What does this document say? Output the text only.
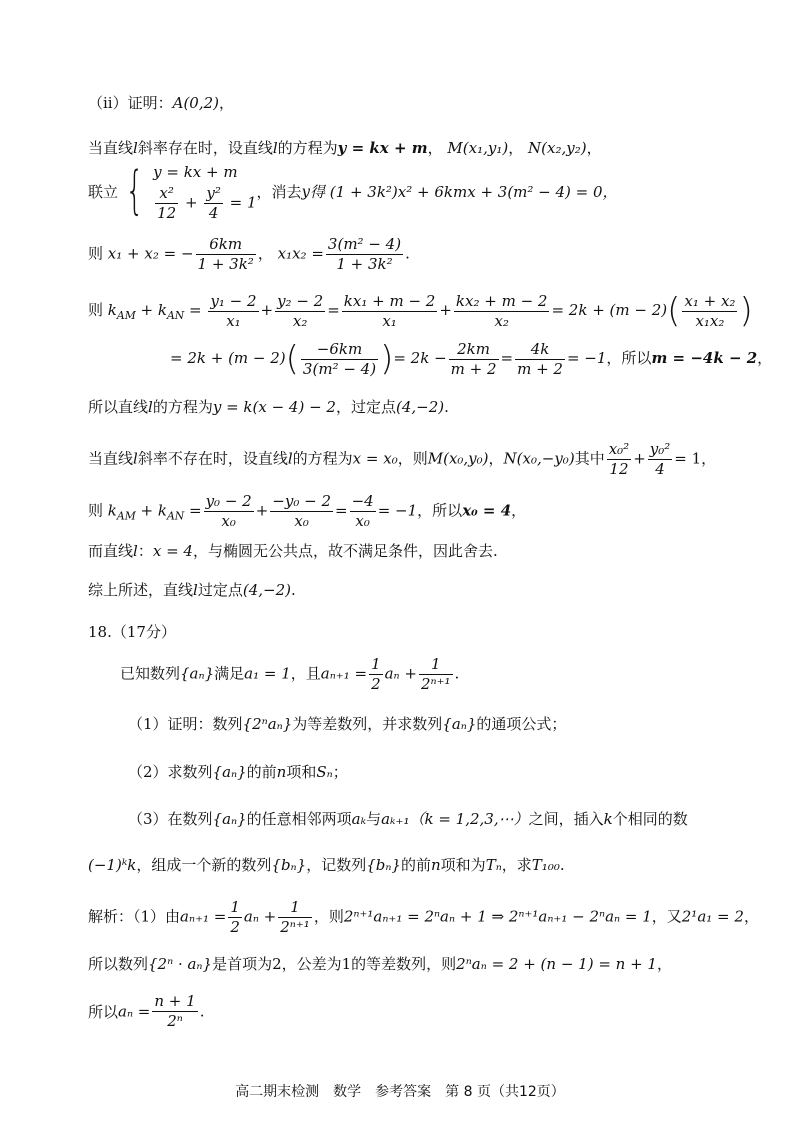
（ii）证明：A(0,2)，
当直线l斜率存在时，设直线l的方程为y = kx + m， M(x₁,y₁)， N(x₂,y₂)，
联立 { y = kx + m
$\frac{\text{x²}}{12} + \frac{\text{y²}}{4} = 1$
，消去y得 (1 + 3k²)x² + 6kmx + 3(m² − 4) = 0，
则 x₁ + x₂ = − $\frac{6km}{\text{1 + 3k²}}$ ， $x_1x_2 = \frac{\text{3(m² − 4)}}{\text{1 + 3k²}}$ .
则 $k_{AM} + k_{AN} = \frac{\text{y₁ − 2}}{\text{x₁}} + \frac{\text{y₂ − 2}}{\text{x₂}} = \frac{\text{kx₁ + m − 2}}{\text{x₁}} + \frac{\text{kx₂ + m − 2}}{\text{x₂}} = 2k + (m - 2)( \frac{\text{x₁ + x₂}}{\text{x₁x₂}}$ )
= $2k + (m - 2)( \frac{-6km}{\text{3(m² − 4)}}$ )= $2k - \frac{2km}{m + 2} = \frac{4k}{m + 2} = -1$，所以m = −4k − 2，
所以直线l的方程为y = k(x − 4) − 2，过定点(4,−2).
当直线l斜率不存在时，设直线l的方程为x = x₀，则M(x₀,y₀)，N(x₀,−y₀)其中 $\frac{\text{x₀²}}{12} + \frac{\text{y₀²}}{4} = 1$，
则 $k_{AM} + k_{AN} = \frac{\text{y₀ − 2}}{\text{x₀}} + \frac{\text{−y₀ − 2}}{\text{x₀}} = \frac{-4}{\text{x₀}} = -1$，所以x₀ = 4，
而直线l：x = 4，与椭圆无公共点，故不满足条件，因此舍去.
综上所述，直线l过定点(4,−2).
18.（17分）
已知数列{aₙ}满足a₁ = 1，且$a_{n+1} = \frac{1}{2}$ $a_n + \frac{1}{\text{2ⁿ⁺¹}}$ .
（1）证明：数列{2ⁿaₙ}为等差数列，并求数列{aₙ}的通项公式；
（2）求数列{aₙ}的前n项和Sₙ；
（3）在数列{aₙ}的任意相邻两项aₖ与aₖ₊₁（k = 1,2,3,⋯）之间，插入k个相同的数
(−1)ᵏk，组成一个新的数列{bₙ}，记数列{bₙ}的前n项和为Tₙ，求T₁₀₀.
解析：（1）由$a_{n+1} = \frac{1}{2}$ $a_n + \frac{1}{\text{2ⁿ⁺¹}}$ ，则2ⁿ⁺¹aₙ₊₁ = 2ⁿaₙ + 1 ⇒ 2ⁿ⁺¹aₙ₊₁ − 2ⁿaₙ = 1，又2¹a₁ = 2，
所以数列{2ⁿ · aₙ}是首项为2，公差为1的等差数列，则2ⁿaₙ = 2 + (n − 1) = n + 1，
所以$a_n = \frac{n + 1}{\text{2ⁿ}}$ .
高二期末检测　数学　参考答案　第 8 页（共12页）
